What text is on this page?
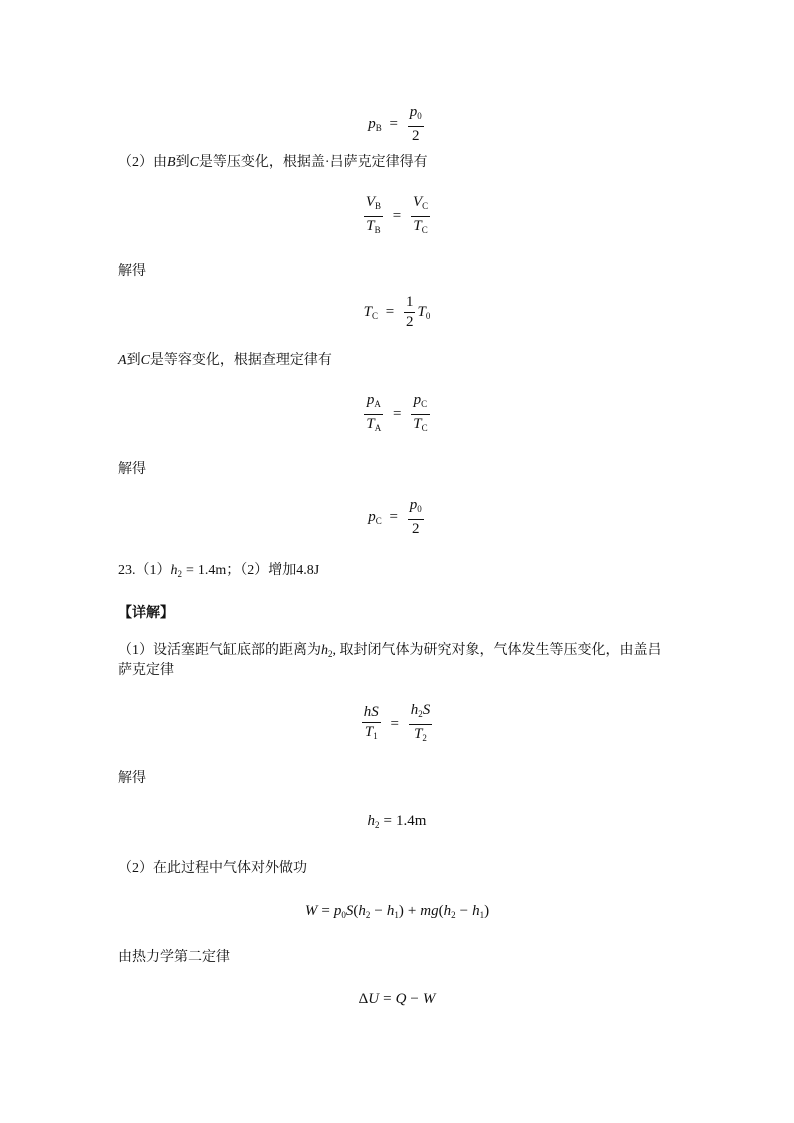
$p_B = \frac{p_0}{2}$
（2）由B到C是等压变化，根据盖·吕萨克定律得有
$\frac{V_B}{T_B} = \frac{V_C}{T_C}$
解得
$T_C = \frac{1}{2} T_0$
A到C是等容变化，根据查理定律有
$\frac{p_A}{T_A} = \frac{p_C}{T_C}$
解得
$p_C = \frac{p_0}{2}$
$23.(1)h_2 = 1.4m$；（2）增加4.8J
【详解】
（1）设活塞距气缸底部的距离为$h_2$, 取封闭气体为研究对象，气体发生等压变化，由盖吕
萨克定律
$\frac{hS}{T_1} = \frac{h_2S}{T_2}$
解得
$h_2 = 1.4m$
（2）在此过程中气体对外做功
$W = p_0S(h_2 - h_1) + mg(h_2 - h_1)$
由热力学第二定律
ΔU = Q − W
